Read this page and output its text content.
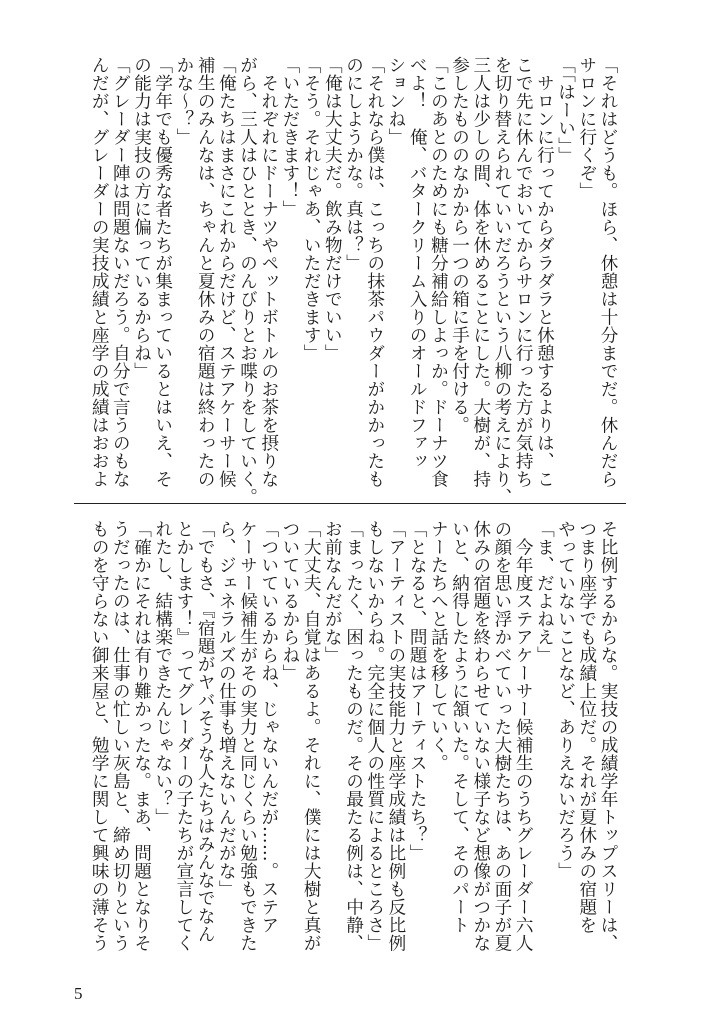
「それはどうも。ほら、休憩は十分までだ。休んだら
サロンに行くぞ」
「「はーい」」
　サロンに行ってからダラダラと休憩するよりは、こ
こで先に休んでおいてからサロンに行った方が気持ち
を切り替えられていいだろうという八柳の考えにより、
三人は少しの間、体を休めることにした。大樹が、持
参したもののなかから一つの箱に手を付ける。
「このあとのためにも糖分補給しよっか。ドーナツ食
べよ！　俺、バタークリーム入りのオールドファッ
ションね」
「それなら僕は、こっちの抹茶パウダーがかかったも
のにしようかな。真は？」
「俺は大丈夫だ。飲み物だけでいい」
「そう。それじゃあ、いただきます」
「いただきます！」
　それぞれにドーナツやペットボトルのお茶を摂りな
がら、三人はひととき、のんびりとお喋りをしていく。
「俺たちはまさにこれからだけど、ステアケーサー候
補生のみんなは、ちゃんと夏休みの宿題は終わったの
かな〜？」
「学年でも優秀な者たちが集まっているとはいえ、そ
の能力は実技の方に偏っているからね」
「グレーダー陣は問題ないだろう。自分で言うのもな
んだが、グレーダーの実技成績と座学の成績はおおよ
そ比例するからな。実技の成績学年トップスリーは、
つまり座学でも成績上位だ。それが夏休みの宿題を
やっていないことなど、ありえないだろう」
「ま、だよねえ」
　今年度ステアケーサー候補生のうちグレーダー六人
の顔を思い浮かべていった大樹たちは、あの面子が夏
休みの宿題を終わらせていない様子など想像がつかな
いと、納得したように頷いた。そして、そのパート
ナーたちへと話を移していく。
「となると、問題はアーティストたち？」
「アーティストの実技能力と座学成績は比例も反比例
もしないからね。完全に個人の性質によるところさ」
「まったく、困ったものだ。その最たる例は、中静、
お前なんだがな」
「大丈夫、自覚はあるよ。それに、僕には大樹と真が
ついているからね」
「ついているからね、じゃないんだが……。ステア
ケーサー候補生がその実力と同じくらい勉強もできた
ら、ジェネラルズの仕事も増えないんだがな」
「でもさ、『宿題がヤバそうな人たちはみんなでなん
とかします！』ってグレーダーの子たちが宣言してく
れたし、結構楽できたんじゃない？」
「確かにそれは有り難かったな。まあ、問題となりそ
うだったのは、仕事の忙しい灰島と、締め切りという
ものを守らない御来屋と、勉学に関して興味の薄そう
5
